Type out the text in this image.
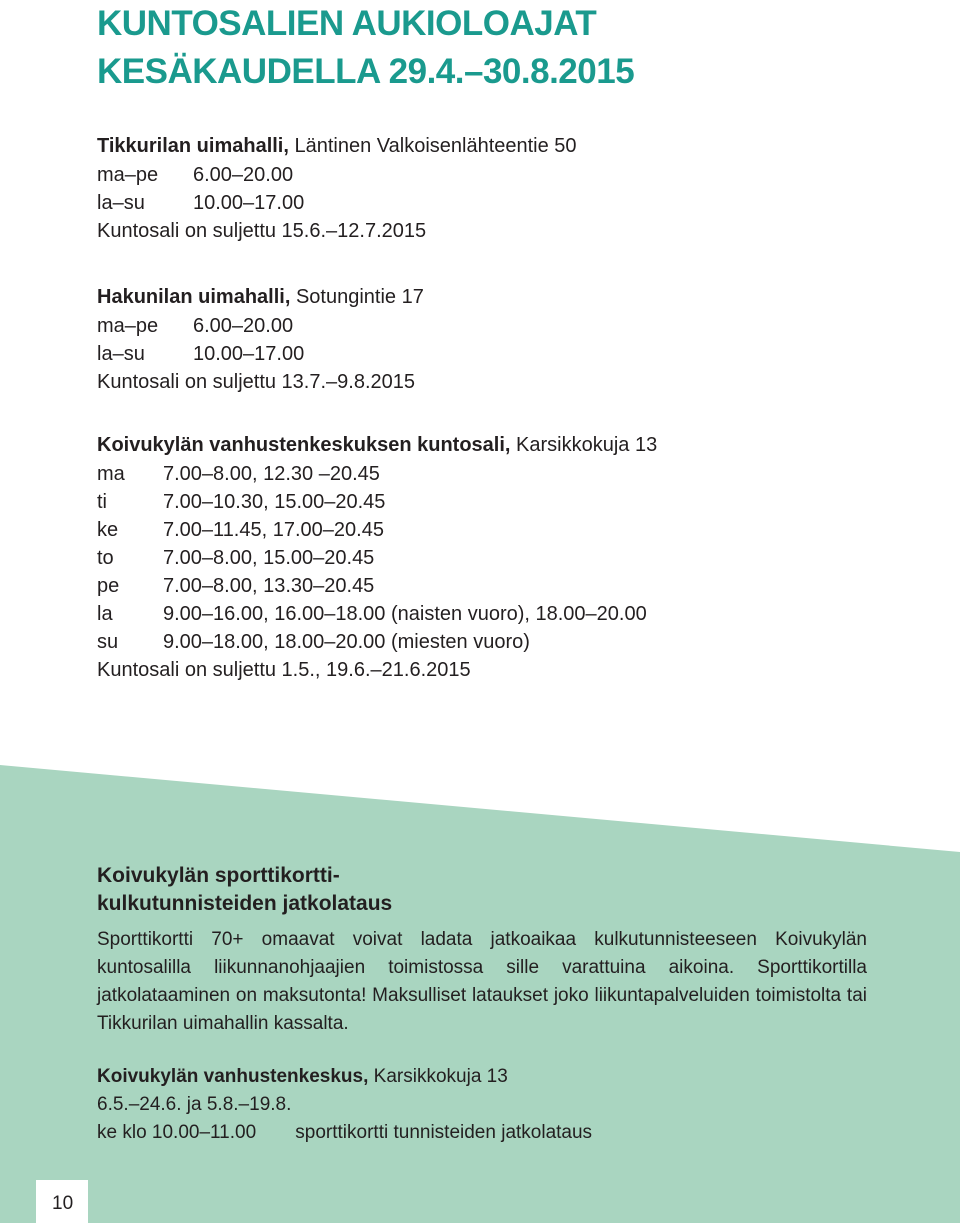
KUNTOSALIEN AUKIOLOAJAT
KESÄKAUDELLA 29.4.–30.8.2015
Tikkurilan uimahalli, Läntinen Valkoisenlähteentie 50
ma–pe	6.00–20.00
la–su	10.00–17.00
Kuntosali on suljettu 15.6.–12.7.2015
Hakunilan uimahalli, Sotungintie 17
ma–pe	6.00–20.00
la–su	10.00–17.00
Kuntosali on suljettu 13.7.–9.8.2015
Koivukylän vanhustenkeskuksen kuntosali, Karsikkokuja 13
ma	7.00–8.00, 12.30 –20.45
ti	7.00–10.30, 15.00–20.45
ke	7.00–11.45, 17.00–20.45
to	7.00–8.00, 15.00–20.45
pe	7.00–8.00, 13.30–20.45
la	9.00–16.00, 16.00–18.00 (naisten vuoro), 18.00–20.00
su	9.00–18.00, 18.00–20.00 (miesten vuoro)
Kuntosali on suljettu 1.5., 19.6.–21.6.2015
Koivukylän sporttikortti-
kulkutunnisteiden jatkolataus
Sporttikortti 70+ omaavat voivat ladata jatkoaikaa kulkutunnisteeseen Koivukylän kuntosalilla liikunnanohjaajien toimistossa sille varattuina aikoina. Sporttikortilla jatkolataaminen on maksutonta! Maksulliset lataukset joko liikuntapalveluiden toimistolta tai Tikkurilan uimahallin kassalta.
Koivukylän vanhustenkeskus, Karsikkokuja 13
6.5.–24.6. ja 5.8.–19.8.
ke klo 10.00–11.00 sporttikortti tunnisteiden jatkolataus
10
